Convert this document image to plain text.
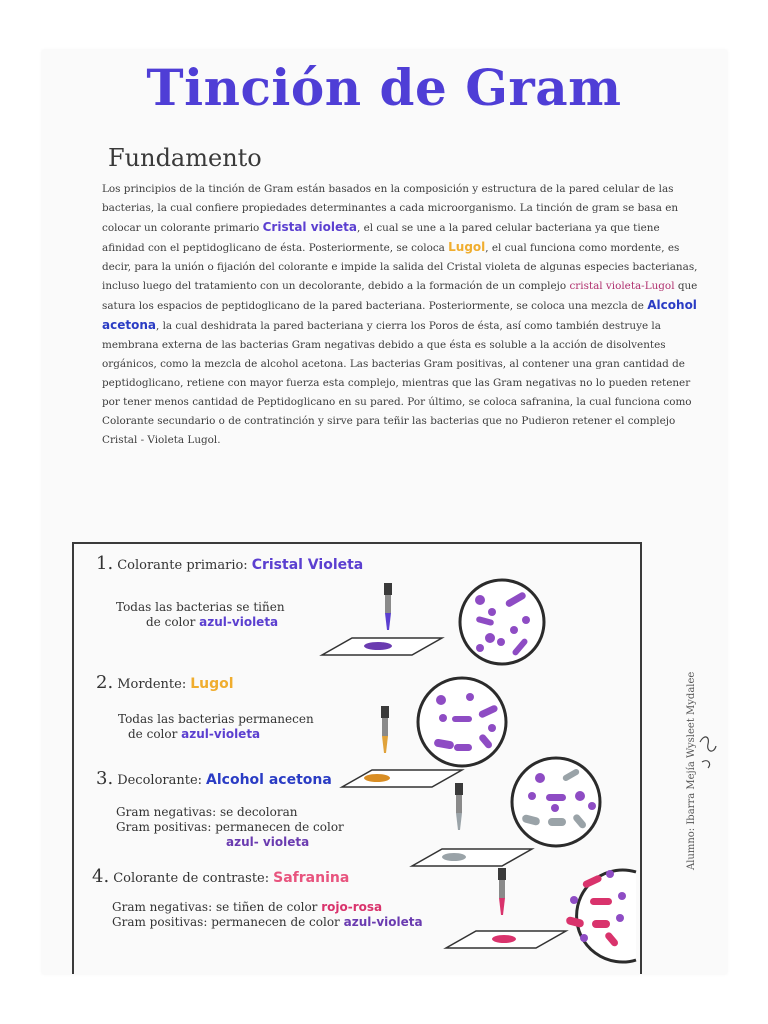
Tinción de Gram
Fundamento

Los principios de la tinción de Gram están basados en la composición y estructura de la pared celular de las bacterias, la cual confiere propiedades determinantes a cada microorganismo. La tinción de gram se basa en colocar un colorante primario Cristal violeta, el cual se une a la pared celular bacteriana ya que tiene afinidad con el peptidoglicano de ésta. Posteriormente, se coloca Lugol, el cual funciona como mordente, es decir, para la unión o fijación del colorante e impide la salida del Cristal violeta de algunas especies bacterianas, incluso luego del tratamiento con un decolorante, debido a la formación de un complejo cristal violeta-Lugol que satura los espacios de peptidoglicano de la pared bacteriana. Posteriormente, se coloca una mezcla de Alcohol acetona, la cual deshidrata la pared bacteriana y cierra los Poros de ésta, así como también destruye la membrana externa de las bacterias Gram negativas debido a que ésta es soluble a la acción de disolventes orgánicos, como la mezcla de alcohol acetona. Las bacterias Gram positivas, al contener una gran cantidad de peptidoglicano, retiene con mayor fuerza esta complejo, mientras que las Gram negativas no lo pueden retener por tener menos cantidad de Peptidoglicano en su pared. Por último, se coloca safranina, la cual funciona como Colorante secundario o de contratinción y sirve para teñir las bacterias que no Pudieron retener el complejo Cristal - Violeta Lugol.

1. Colorante primario: Cristal Violeta
Todas las bacterias se tiñen
de color azul-violeta
2. Mordente: Lugol
Todas las bacterias permanecen
de color azul-violeta
3. Decolorante: Alcohol acetona
Gram negativas: se decoloran
Gram positivas: permanecen de color
azul- violeta
4. Colorante de contraste: Safranina
Gram negativas: se tiñen de color rojo-rosa
Gram positivas: permanecen de color azul-violeta
Alumno: Ibarra Mejía Wysleet Mydalee
